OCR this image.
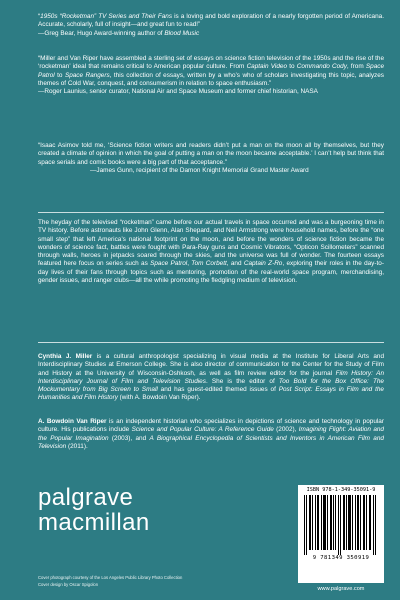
“1950s “Rocketman” TV Series and Their Fans is a loving and bold exploration of a nearly forgotten period of Americana. Accurate, scholarly, full of insight—and great fun to read!”

—Greg Bear, Hugo Award-winning author of Blood Music

“Miller and Van Riper have assembled a sterling set of essays on science fiction television of the 1950s and the rise of the ‘rocketman’ ideal that remains critical to American popular culture. From Captain Video to Commando Cody, from Space Patrol to Space Rangers, this collection of essays, written by a who’s who of scholars investigating this topic, analyzes themes of Cold War, conquest, and consumerism in relation to space enthusiasm.”

—Roger Launius, senior curator, National Air and Space Museum and former chief historian, NASA

“Isaac Asimov told me, ‘Science fiction writers and readers didn’t put a man on the moon all by themselves, but they created a climate of opinion in which the goal of putting a man on the moon became acceptable.’ I can’t help but think that space serials and comic books were a big part of that acceptance.”

—James Gunn, recipient of the Damon Knight Memorial Grand Master Award

The heyday of the televised “rocketman” came before our actual travels in space occurred and was a burgeoning time in TV history. Before astronauts like John Glenn, Alan Shepard, and Neil Armstrong were household names, before the “one small step” that left America’s national footprint on the moon, and before the wonders of science fiction became the wonders of science fact, battles were fought with Para-Ray guns and Cosmic Vibrators, “Opticon Scillometers” scanned through walls, heroes in jetpacks soared through the skies, and the universe was full of wonder. The fourteen essays featured here focus on series such as Space Patrol, Tom Corbett, and Captain Z-Ro, exploring their roles in the day-to-day lives of their fans through topics such as mentoring, promotion of the real-world space program, merchandising, gender issues, and ranger clubs—all the while promoting the fledgling medium of television.

Cynthia J. Miller is a cultural anthropologist specializing in visual media at the Institute for Liberal Arts and Interdisciplinary Studies at Emerson College. She is also director of communication for the Center for the Study of Film and History at the University of Wisconsin-Oshkosh, as well as film review editor for the journal Film History: An Interdisciplinary Journal of Film and Television Studies. She is the editor of Too Bold for the Box Office: The Mockumentary from Big Screen to Small and has guest-edited themed issues of Post Script: Essays in Film and the Humanities and Film History (with A. Bowdoin Van Riper).

A. Bowdoin Van Riper is an independent historian who specializes in depictions of science and technology in popular culture. His publications include Science and Popular Culture: A Reference Guide (2002), Imagining Flight: Aviation and the Popular Imagination (2003), and A Biographical Encyclopedia of Scientists and Inventors in American Film and Television (2011).

palgrave
macmillan
Cover photograph courtesy of the Los Angeles Public Library Photo Collection
Cover design by Oscar Spigolon
ISBN 978-1-349-35091-9
9 781349 350919
www.palgrave.com
